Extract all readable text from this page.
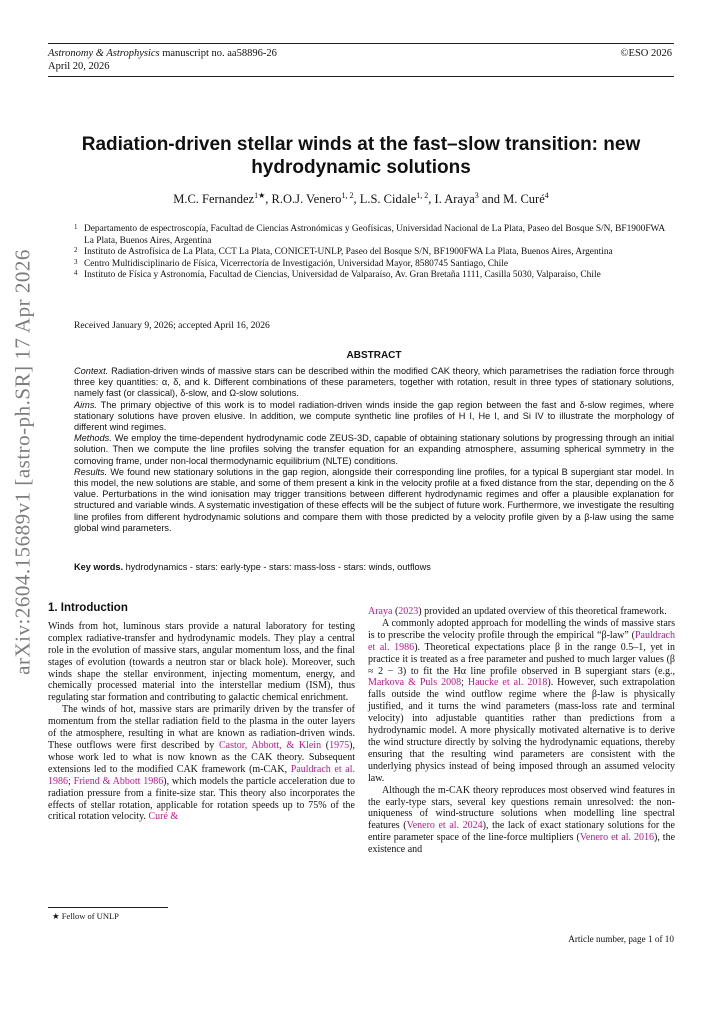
Astronomy & Astrophysics manuscript no. aa58896-26
April 20, 2026
©ESO 2026
arXiv:2604.15689v1 [astro-ph.SR] 17 Apr 2026
Radiation-driven stellar winds at the fast–slow transition: new hydrodynamic solutions
M.C. Fernandez$^{1★}$, R.O.J. Venero$^{1, 2}$, L.S. Cidale$^{1, 2}$, I. Araya$^3$ and M. Curé$^4$
1 Departamento de espectroscopía, Facultad de Ciencias Astronómicas y Geofísicas, Universidad Nacional de La Plata, Paseo del Bosque S/N, BF1900FWA La Plata, Buenos Aires, Argentina
2 Instituto de Astrofísica de La Plata, CCT La Plata, CONICET-UNLP, Paseo del Bosque S/N, BF1900FWA La Plata, Buenos Aires, Argentina
3 Centro Multidisciplinario de Física, Vicerrectoría de Investigación, Universidad Mayor, 8580745 Santiago, Chile
4 Instituto de Física y Astronomía, Facultad de Ciencias, Universidad de Valparaíso, Av. Gran Bretaña 1111, Casilla 5030, Valparaíso, Chile
Received January 9, 2026; accepted April 16, 2026
ABSTRACT

Context. Radiation-driven winds of massive stars can be described within the modified CAK theory, which parametrises the radiation force through three key quantities: α, δ, and k. Different combinations of these parameters, together with rotation, result in three types of stationary solutions, namely fast (or classical), δ-slow, and Ω-slow solutions.

Aims. The primary objective of this work is to model radiation-driven winds inside the gap region between the fast and δ-slow regimes, where stationary solutions have proven elusive. In addition, we compute synthetic line profiles of H I, He I, and Si IV to illustrate the morphology of different wind regimes.

Methods. We employ the time-dependent hydrodynamic code ZEUS-3D, capable of obtaining stationary solutions by progressing through an initial solution. Then we compute the line profiles solving the transfer equation for an expanding atmosphere, assuming spherical symmetry in the comoving frame, under non-local thermodynamic equilibrium (NLTE) conditions.

Results. We found new stationary solutions in the gap region, alongside their corresponding line profiles, for a typical B supergiant star model. In this model, the new solutions are stable, and some of them present a kink in the velocity profile at a fixed distance from the star, depending on the δ value. Perturbations in the wind ionisation may trigger transitions between different hydrodynamic regimes and offer a plausible explanation for structured and variable winds. A systematic investigation of these effects will be the subject of future work. Furthermore, we investigate the resulting line profiles from different hydrodynamic solutions and compare them with those predicted by a velocity profile given by a β-law using the same global wind parameters.

Key words. hydrodynamics - stars: early-type - stars: mass-loss - stars: winds, outflows
1. Introduction

Winds from hot, luminous stars provide a natural laboratory for testing complex radiative-transfer and hydrodynamic models. They play a central role in the evolution of massive stars, angular momentum loss, and the final stages of evolution (towards a neutron star or black hole). Moreover, such winds shape the stellar environment, injecting momentum, energy, and chemically processed material into the interstellar medium (ISM), thus regulating star formation and contributing to galactic chemical enrichment.

The winds of hot, massive stars are primarily driven by the transfer of momentum from the stellar radiation field to the plasma in the outer layers of the atmosphere, resulting in what are known as radiation-driven winds. These outflows were first described by Castor, Abbott, & Klein (1975), whose work led to what is now known as the CAK theory. Subsequent extensions led to the modified CAK framework (m-CAK, Pauldrach et al. 1986; Friend & Abbott 1986), which models the particle acceleration due to radiation pressure from a finite-size star. This theory also incorporates the effects of stellar rotation, applicable for rotation speeds up to 75% of the critical rotation velocity. Curé &

Araya (2023) provided an updated overview of this theoretical framework.

A commonly adopted approach for modelling the winds of massive stars is to prescribe the velocity profile through the empirical “β-law” (Pauldrach et al. 1986). Theoretical expectations place β in the range 0.5–1, yet in practice it is treated as a free parameter and pushed to much larger values (β ≈ 2 − 3) to fit the Hα line profile observed in B supergiant stars (e.g., Markova & Puls 2008; Haucke et al. 2018). However, such extrapolation falls outside the wind outflow regime where the β-law is physically justified, and it turns the wind parameters (mass-loss rate and terminal velocity) into adjustable quantities rather than predictions from a hydrodynamic model. A more physically motivated alternative is to derive the wind structure directly by solving the hydrodynamic equations, thereby ensuring that the resulting wind parameters are consistent with the underlying physics instead of being imposed through an assumed velocity law.

Although the m-CAK theory reproduces most observed wind features in the early-type stars, several key questions remain unresolved: the non-uniqueness of wind-structure solutions when modelling line spectral features (Venero et al. 2024), the lack of exact stationary solutions for the entire parameter space of the line-force multipliers (Venero et al. 2016), the existence and

★ Fellow of UNLP
Article number, page 1 of 10
